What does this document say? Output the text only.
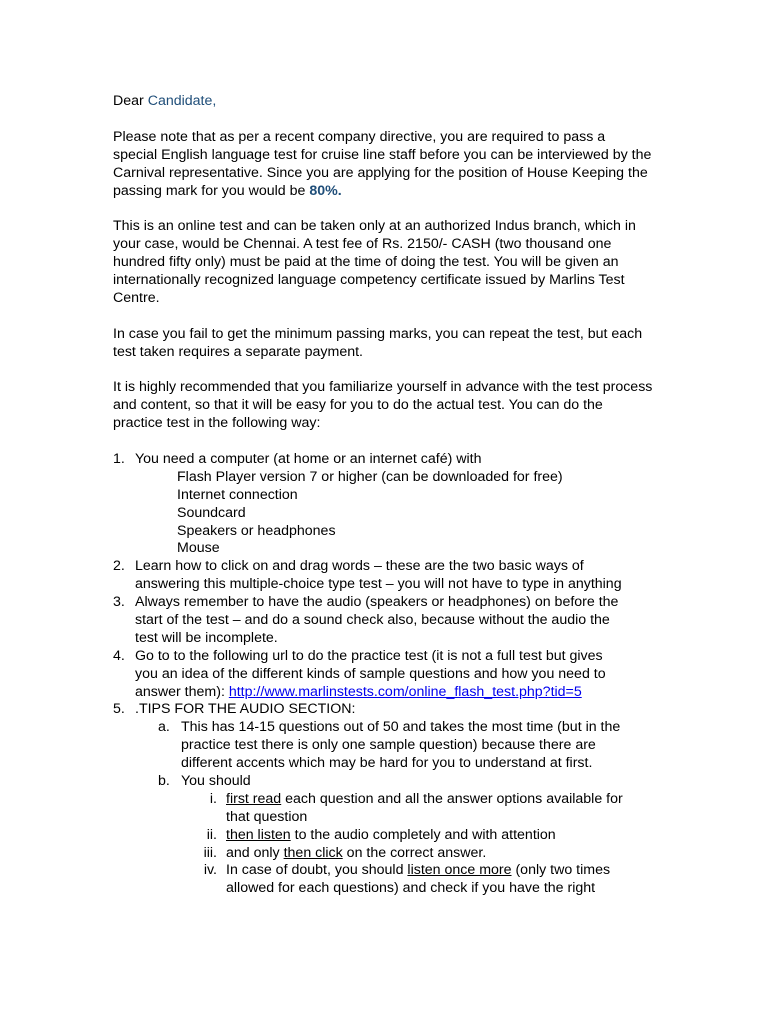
Dear Candidate,

Please note that as per a recent company directive, you are required to pass a special English language test for cruise line staff before you can be interviewed by the Carnival representative. Since you are applying for the position of House Keeping the passing mark for you would be 80%.

This is an online test and can be taken only at an authorized Indus branch, which in your case, would be Chennai. A test fee of Rs. 2150/- CASH (two thousand one hundred fifty only) must be paid at the time of doing the test. You will be given an internationally recognized language competency certificate issued by Marlins Test Centre.

In case you fail to get the minimum passing marks, you can repeat the test, but each test taken requires a separate payment.

It is highly recommended that you familiarize yourself in advance with the test process and content, so that it will be easy for you to do the actual test. You can do the practice test in the following way:

1. You need a computer (at home or an internet café) with
Flash Player version 7 or higher (can be downloaded for free)
Internet connection
Soundcard
Speakers or headphones
Mouse
2. Learn how to click on and drag words – these are the two basic ways of
answering this multiple-choice type test – you will not have to type in anything
3. Always remember to have the audio (speakers or headphones) on before the
start of the test – and do a sound check also, because without the audio the
test will be incomplete.
4. Go to to the following url to do the practice test (it is not a full test but gives
you an idea of the different kinds of sample questions and how you need to
answer them): http://www.marlinstests.com/online_flash_test.php?tid=5
5. .TIPS FOR THE AUDIO SECTION:
a. This has 14-15 questions out of 50 and takes the most time (but in the
practice test there is only one sample question) because there are
different accents which may be hard for you to understand at first.
b. You should
i. first read each question and all the answer options available for
that question
ii. then listen to the audio completely and with attention
iii. and only then click on the correct answer.
iv. In case of doubt, you should listen once more (only two times
allowed for each questions) and check if you have the right
